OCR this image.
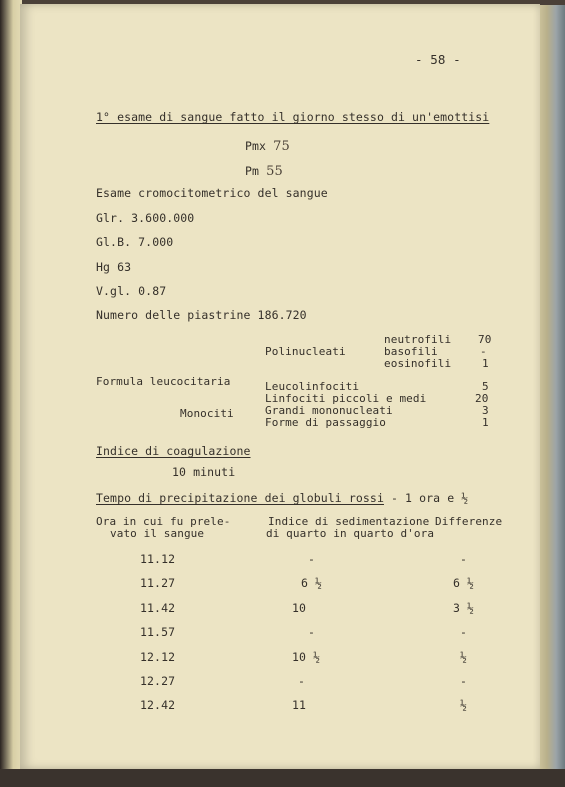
- 58 -
1° esame di sangue fatto il giorno stesso di un'emottisi
Pmx 75
Pm 55
Esame cromocitometrico del sangue
Glr. 3.600.000
Gl.B. 7.000
Hg 63
V.gl. 0.87
Numero delle piastrine 186.720
neutrofili 70
Polinucleati	basofili	-
eosinofili	1
Formula leucocitaria	Leucolinfociti	5
Linfociti piccoli e medi	20
Grandi mononucleati	3
Monociti
Forme di passaggio	1
Indice di coagulazione
10 minuti
Tempo di precipitazione dei globuli rossi - 1 ora e ½
Ora in cui fu prele-
vato il sangue
Indice di sedimentazione
di quarto in quarto d'ora
Differenze
11.12	-	-
11.27	6 ½	6 ½
11.42	10	3 ½
11.57	-	-
12.12	10 ½	½
12.27	-	-
12.42	11	½
